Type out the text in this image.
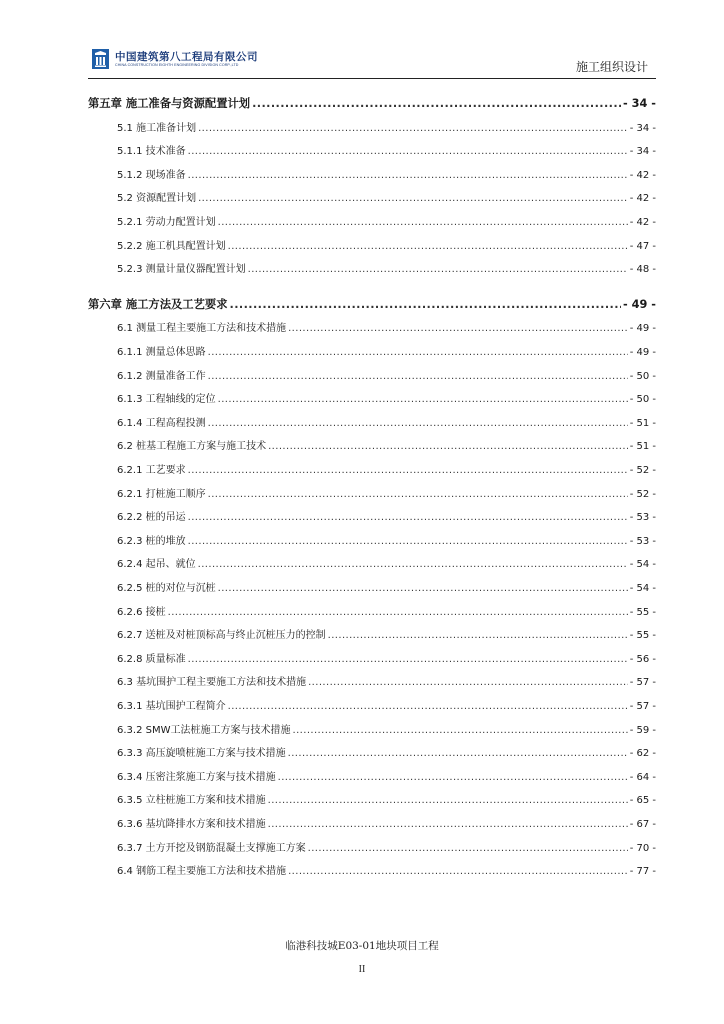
中国建筑第八工程局有限公司
CHINA CONSTRUCTION EIGHTH ENGINEERING DIVISION CORP.,LTD	施工组织设计
第五章 施工准备与资源配置计划 .....	- 34 -
5.1 施工准备计划 .....	- 34 -
5.1.1 技术准备 .....	- 34 -
5.1.2 现场准备 .....	- 42 -
5.2 资源配置计划 .....	- 42 -
5.2.1 劳动力配置计划 .....	- 42 -
5.2.2 施工机具配置计划 .....	- 47 -
5.2.3 测量计量仪器配置计划 .....	- 48 -
第六章 施工方法及工艺要求 .....	- 49 -
6.1 测量工程主要施工方法和技术措施 .....	- 49 -
6.1.1 测量总体思路 .....	- 49 -
6.1.2 测量准备工作 .....	- 50 -
6.1.3 工程轴线的定位 .....	- 50 -
6.1.4 工程高程投测 .....	- 51 -
6.2 桩基工程施工方案与施工技术 .....	- 51 -
6.2.1 工艺要求 .....	- 52 -
6.2.1 打桩施工顺序 .....	- 52 -
6.2.2 桩的吊运 .....	- 53 -
6.2.3 桩的堆放 .....	- 53 -
6.2.4 起吊、就位 .....	- 54 -
6.2.5 桩的对位与沉桩 .....	- 54 -
6.2.6 接桩 .....	- 55 -
6.2.7 送桩及对桩顶标高与终止沉桩压力的控制 .....	- 55 -
6.2.8 质量标准 .....	- 56 -
6.3 基坑围护工程主要施工方法和技术措施 .....	- 57 -
6.3.1 基坑围护工程简介 .....	- 57 -
6.3.2 SMW工法桩施工方案与技术措施 .....	- 59 -
6.3.3 高压旋喷桩施工方案与技术措施 .....	- 62 -
6.3.4 压密注浆施工方案与技术措施 .....	- 64 -
6.3.5 立柱桩施工方案和技术措施 .....	- 65 -
6.3.6 基坑降排水方案和技术措施 .....	- 67 -
6.3.7 土方开挖及钢筋混凝土支撑施工方案 .....	- 70 -
6.4 钢筋工程主要施工方法和技术措施 .....	- 77 -
临港科技城E03-01地块项目工程
II
